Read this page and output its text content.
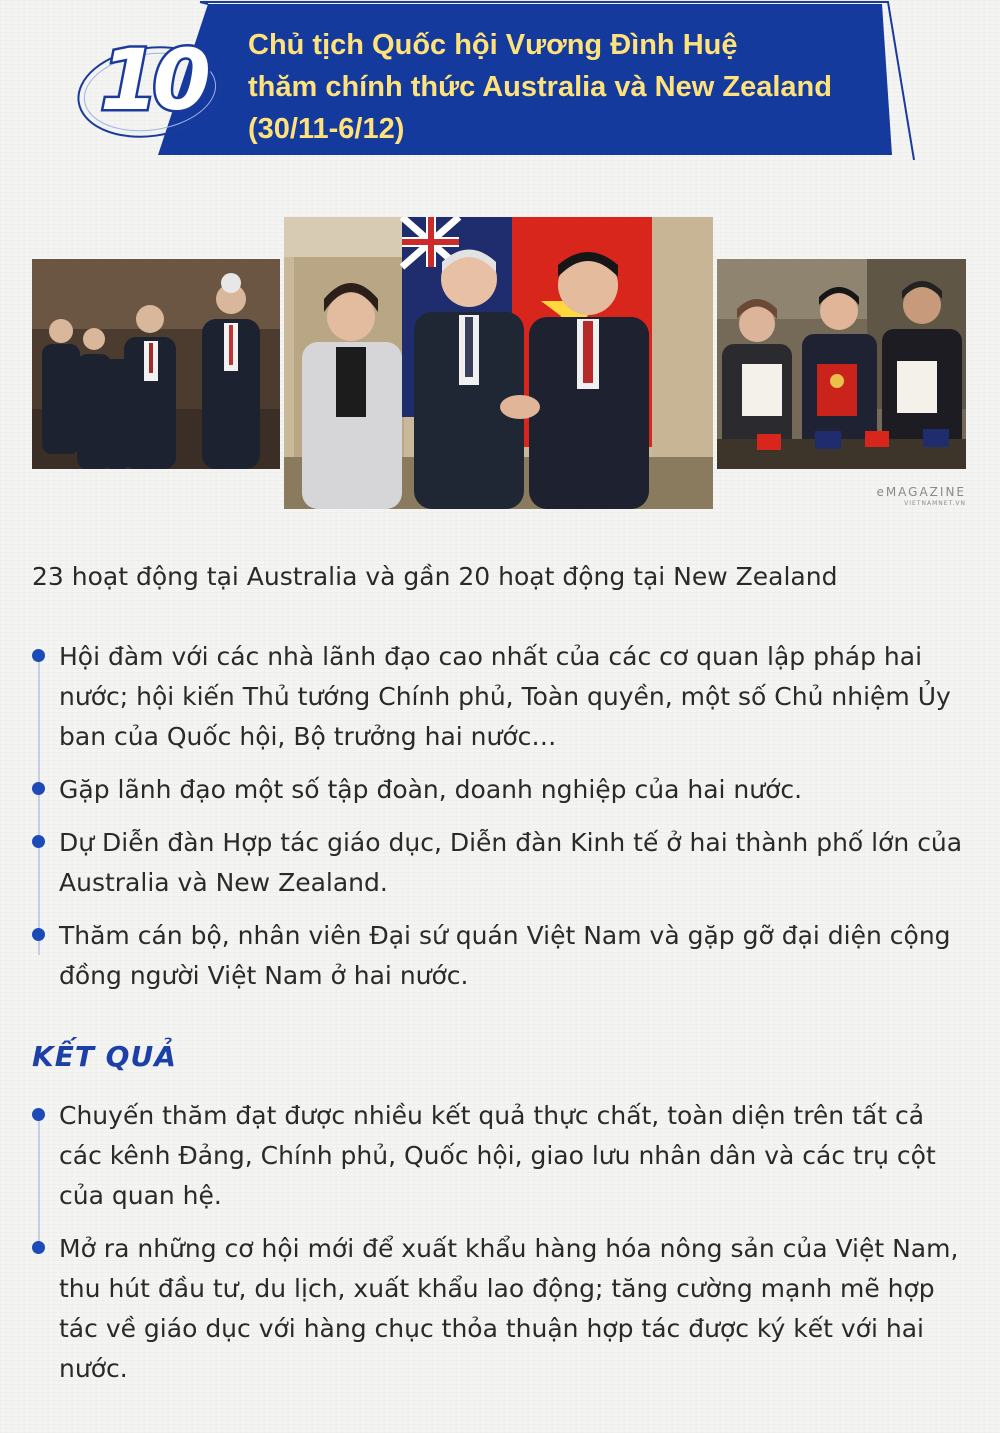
10	Chủ tịch Quốc hội Vương Đình Huệ
thăm chính thức Australia và New Zealand
(30/11-6/12)
eMAGAZINE
VIETNAMNET.VN
23 hoạt động tại Australia và gần 20 hoạt động tại New Zealand
Hội đàm với các nhà lãnh đạo cao nhất của các cơ quan lập pháp hai nước; hội kiến Thủ tướng Chính phủ, Toàn quyền, một số Chủ nhiệm Ủy ban của Quốc hội, Bộ trưởng hai nước…
Gặp lãnh đạo một số tập đoàn, doanh nghiệp của hai nước.
Dự Diễn đàn Hợp tác giáo dục, Diễn đàn Kinh tế ở hai thành phố lớn của Australia và New Zealand.
Thăm cán bộ, nhân viên Đại sứ quán Việt Nam và gặp gỡ đại diện cộng đồng người Việt Nam ở hai nước.
KẾT QUẢ
Chuyến thăm đạt được nhiều kết quả thực chất, toàn diện trên tất cả các kênh Đảng, Chính phủ, Quốc hội, giao lưu nhân dân và các trụ cột của quan hệ.
Mở ra những cơ hội mới để xuất khẩu hàng hóa nông sản của Việt Nam, thu hút đầu tư, du lịch, xuất khẩu lao động; tăng cường mạnh mẽ hợp tác về giáo dục với hàng chục thỏa thuận hợp tác được ký kết với hai nước.
